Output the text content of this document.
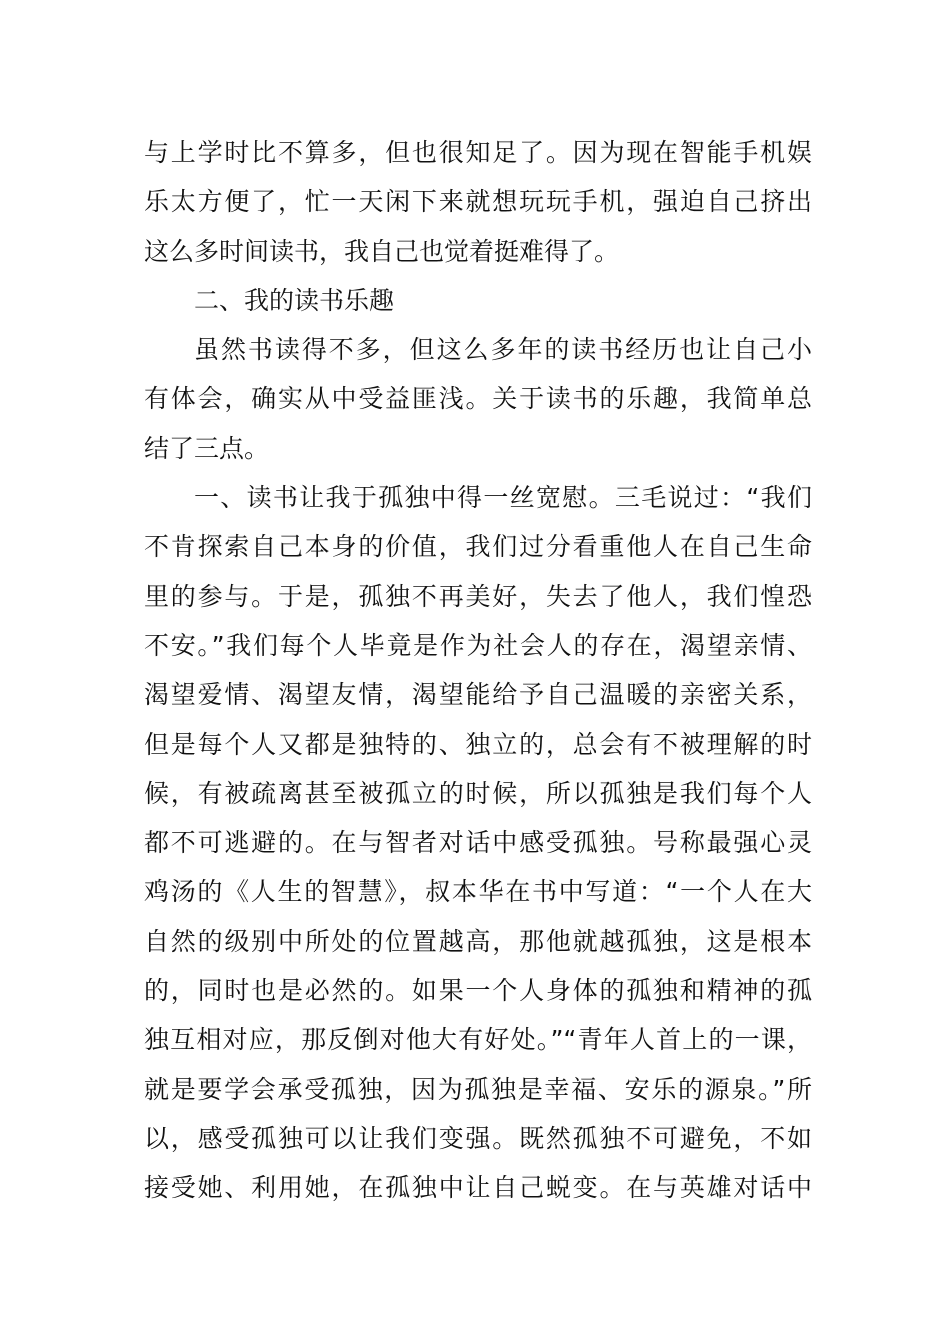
与上学时比不算多，但也很知足了。因为现在智能手机娱
乐太方便了，忙一天闲下来就想玩玩手机，强迫自己挤出
这么多时间读书，我自己也觉着挺难得了。
二、我的读书乐趣
虽然书读得不多，但这么多年的读书经历也让自己小
有体会，确实从中受益匪浅。关于读书的乐趣，我简单总
结了三点。
一、读书让我于孤独中得一丝宽慰。三毛说过：“我们
不肯探索自己本身的价值，我们过分看重他人在自己生命
里的参与。于是，孤独不再美好，失去了他人，我们惶恐
不安。”我们每个人毕竟是作为社会人的存在，渴望亲情、
渴望爱情、渴望友情，渴望能给予自己温暖的亲密关系，
但是每个人又都是独特的、独立的，总会有不被理解的时
候，有被疏离甚至被孤立的时候，所以孤独是我们每个人
都不可逃避的。在与智者对话中感受孤独。号称最强心灵
鸡汤的《人生的智慧》，叔本华在书中写道：“一个人在大
自然的级别中所处的位置越高，那他就越孤独，这是根本
的，同时也是必然的。如果一个人身体的孤独和精神的孤
独互相对应，那反倒对他大有好处。”“青年人首上的一课，
就是要学会承受孤独，因为孤独是幸福、安乐的源泉。”所
以，感受孤独可以让我们变强。既然孤独不可避免，不如
接受她、利用她，在孤独中让自己蜕变。在与英雄对话中
